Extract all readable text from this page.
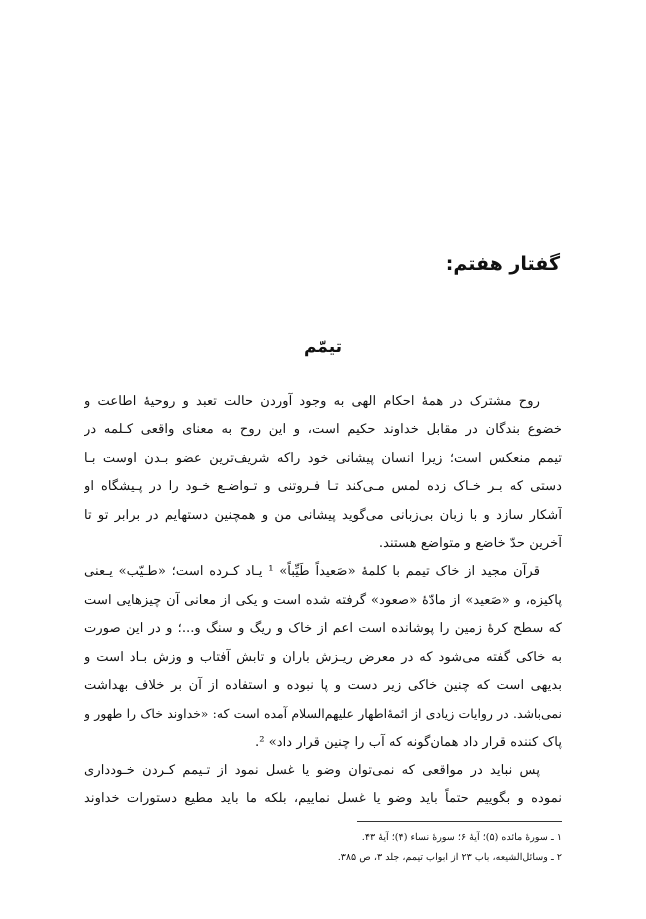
گفتار هفتم:
تیمّم
روح مشترک در همهٔ احکام الهی به وجود آوردن حالت تعبد و روحیهٔ اطاعت و
خضوع بندگان در مقابل خداوند حکیم است، و این روح به معنای واقعی کـلمه در
تیمم منعکس است؛ زیرا انسان پیشانی خود راکه شریف‌ترین عضو بـدن اوست بـا
دستی که بـر خـاک زده لمس مـی‌کند تـا فـروتنی و تـواضـع خـود را در پـیشگاه او
آشکار سازد و با زبان بی‌زبانی می‌گوید پیشانی من و همچنین دستهایم در برابر تو تا
آخرین حدّ خاضع و متواضع هستند.
قرآن مجید از خاک تیمم با کلمهٔ «صَعیداً طَیِّباً» ¹ یـاد کـرده است؛ «طـیّب» یـعنی
پاکیزه، و «صَعید» از مادّهٔ «صعود» گرفته شده است و یکی از معانی آن چیزهایی است
که سطح کرهٔ زمین را پوشانده است اعم از خاک و ریگ و سنگ و...؛ و در این صورت
به خاکی گفته می‌شود که در معرض ریـزش باران و تابش آفتاب و وزش بـاد است و
بدیهی است که چنین خاکی زیر دست و پا نبوده و استفاده از آن بر خلاف بهداشت
نمی‌باشد. در روایات زیادی از ائمهٔ‌اطهار علیهم‌السلام آمده است که: «خداوند خاک را طهور و
پاک کننده قرار داد همان‌گونه که آب را چنین قرار داد» ².
پس نباید در مواقعی که نمی‌توان وضو یا غسل نمود از تـیمم کـردن خـودداری
نموده و بگوییم حتماً باید وضو یا غسل نماییم، بلکه ما باید مطیع دستورات خداوند

۱ ـ سورهٔ مائده (۵)؛ آیهٔ ۶؛ سورهٔ نساء (۴)؛ آیهٔ ۴۳.

۲ ـ وسائل‌الشیعه، باب ۲۳ از ابواب تیمم، جلد ۳، ص ۳۸۵.
